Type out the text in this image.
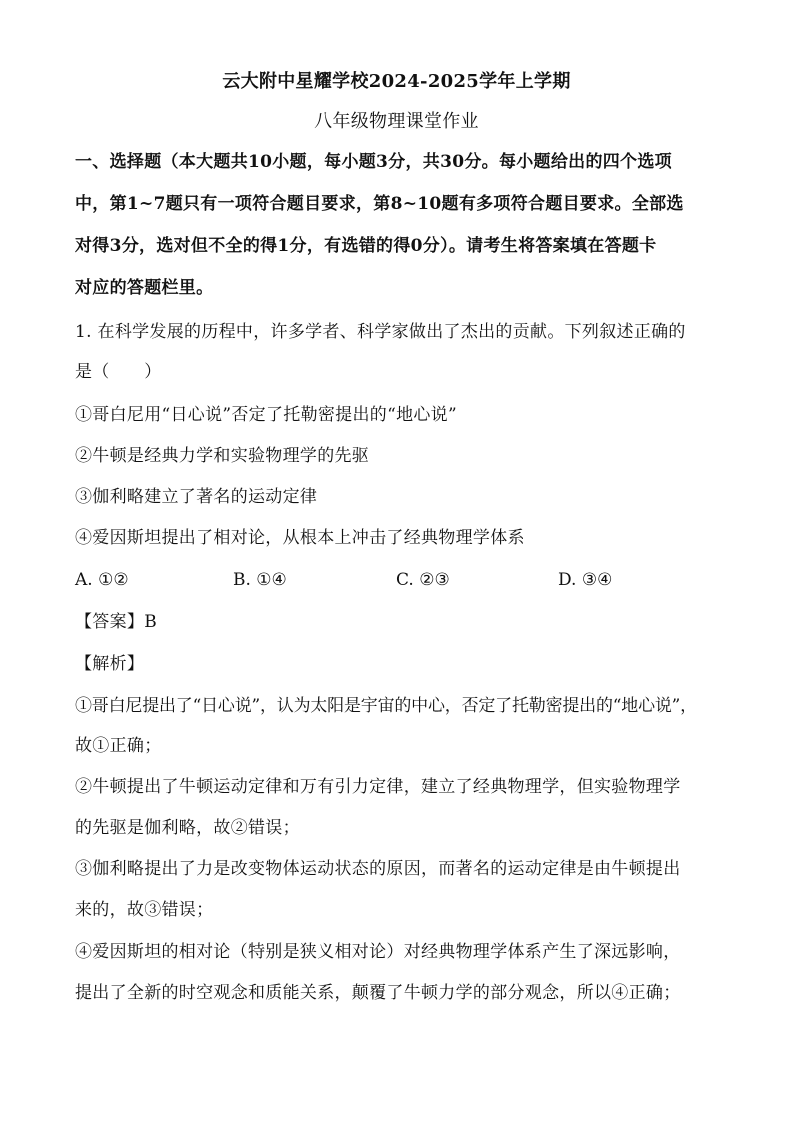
云大附中星耀学校2024-2025学年上学期
八年级物理课堂作业
一、选择题（本大题共10小题，每小题3分，共30分。每小题给出的四个选项
中，第1~7题只有一项符合题目要求，第8~10题有多项符合题目要求。全部选
对得3分，选对但不全的得1分，有选错的得0分）。请考生将答案填在答题卡
对应的答题栏里。
1. 在科学发展的历程中，许多学者、科学家做出了杰出的贡献。下列叙述正确的
是（　　）
①哥白尼用“日心说”否定了托勒密提出的“地心说”
②牛顿是经典力学和实验物理学的先驱
③伽利略建立了著名的运动定律
④爱因斯坦提出了相对论，从根本上冲击了经典物理学体系
A. ①②	B. ①④	C. ②③	D. ③④
【答案】B
【解析】
①哥白尼提出了“日心说”，认为太阳是宇宙的中心，否定了托勒密提出的“地心说”，
故①正确；
②牛顿提出了牛顿运动定律和万有引力定律，建立了经典物理学，但实验物理学
的先驱是伽利略，故②错误；
③伽利略提出了力是改变物体运动状态的原因，而著名的运动定律是由牛顿提出
来的，故③错误；
④爱因斯坦的相对论（特别是狭义相对论）对经典物理学体系产生了深远影响，
提出了全新的时空观念和质能关系，颠覆了牛顿力学的部分观念，所以④正确；
